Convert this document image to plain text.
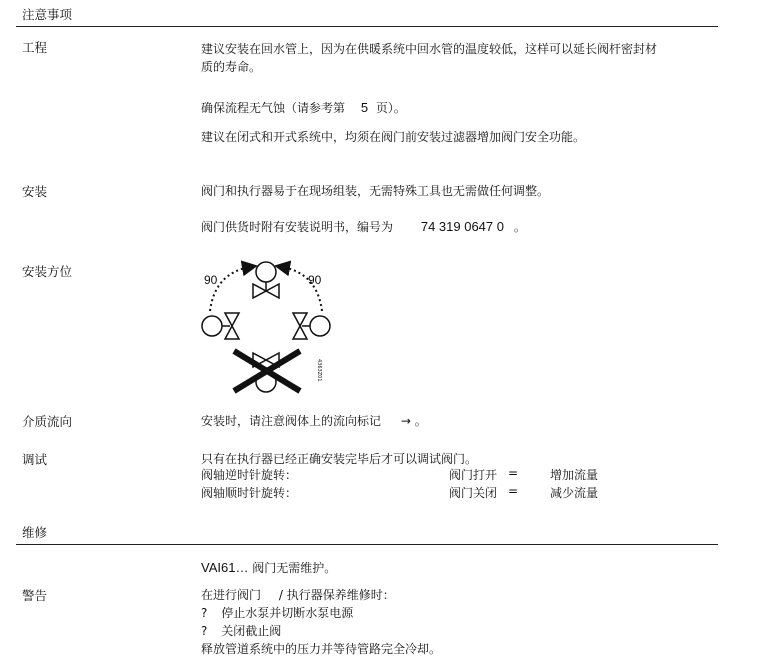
注意事项
工程	建议安装在回水管上，因为在供暖系统中回水管的温度较低，这样可以延长阀杆密封材
质的寿命。
确保流程无气蚀（请参考第 5 页）。
建议在闭式和开式系统中，均须在阀门前安装过滤器增加阀门安全功能。
安装	阀门和执行器易于在现场组装，无需特殊工具也无需做任何调整。
阀门供货时附有安装说明书，编号为 74 319 0647 0 。
安装方位
90	90
4363Z01
介质流向	安装时，请注意阀体上的流向标记 → 。
调试	只有在执行器已经正确安装完毕后才可以调试阀门。
阀轴逆时针旋转：	阀门打开 =	增加流量
阀轴顺时针旋转：	阀门关闭 =	减少流量
维修
VAI61… 阀门无需维护。
警告	在进行阀门 / 执行器保养维修时：
? 停止水泵并切断水泵电源
? 关闭截止阀
释放管道系统中的压力并等待管路完全冷却。
